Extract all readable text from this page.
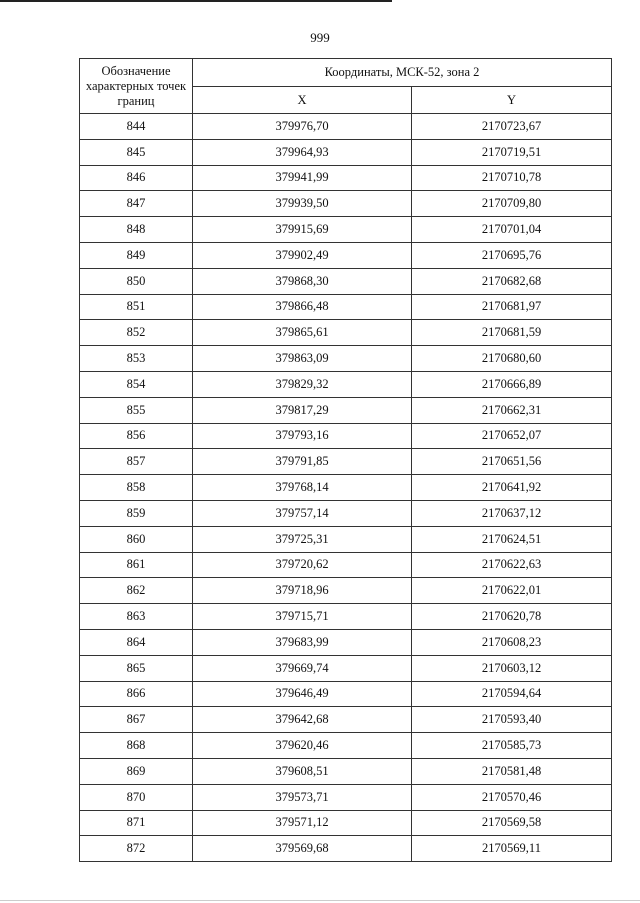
999
Обозначение характерных точек границ	Координаты, МСК-52, зона 2	
	X	Y
844	379976,70	2170723,67
845	379964,93	2170719,51
846	379941,99	2170710,78
847	379939,50	2170709,80
848	379915,69	2170701,04
849	379902,49	2170695,76
850	379868,30	2170682,68
851	379866,48	2170681,97
852	379865,61	2170681,59
853	379863,09	2170680,60
854	379829,32	2170666,89
855	379817,29	2170662,31
856	379793,16	2170652,07
857	379791,85	2170651,56
858	379768,14	2170641,92
859	379757,14	2170637,12
860	379725,31	2170624,51
861	379720,62	2170622,63
862	379718,96	2170622,01
863	379715,71	2170620,78
864	379683,99	2170608,23
865	379669,74	2170603,12
866	379646,49	2170594,64
867	379642,68	2170593,40
868	379620,46	2170585,73
869	379608,51	2170581,48
870	379573,71	2170570,46
871	379571,12	2170569,58
872	379569,68	2170569,11
